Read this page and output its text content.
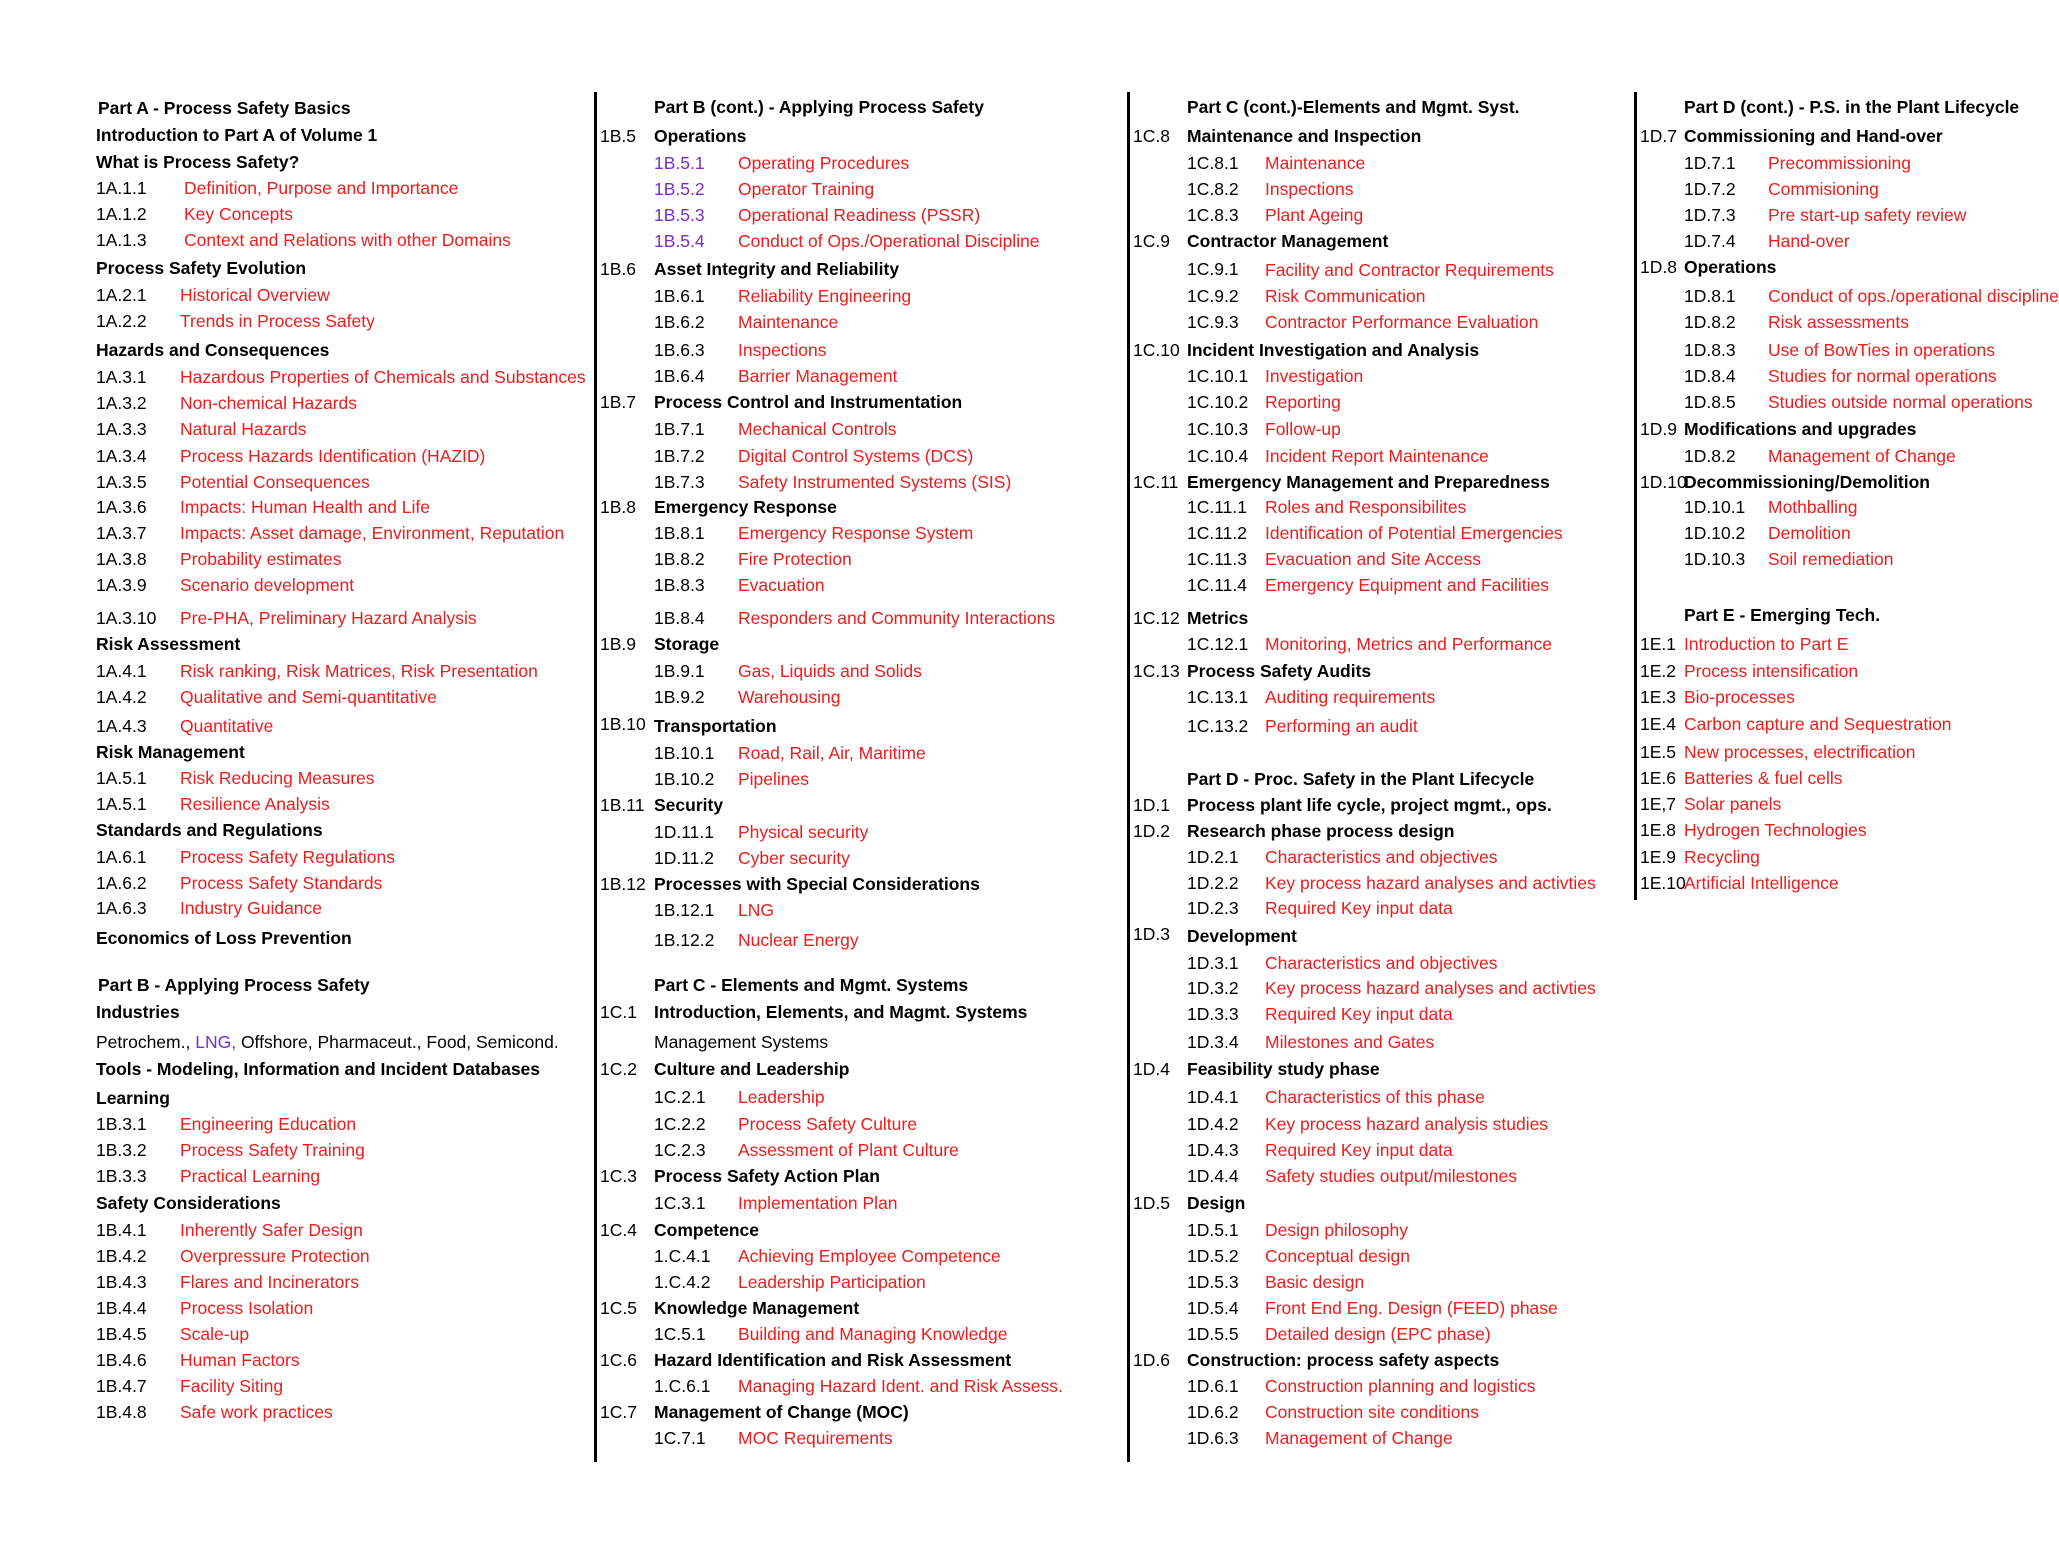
Part A - Process Safety Basics
Introduction to Part A of Volume 1
What is Process Safety?
1A.1.1 Definition, Purpose and Importance
1A.1.2 Key Concepts
1A.1.3 Context and Relations with other Domains
Process Safety Evolution
1A.2.1 Historical Overview
1A.2.2 Trends in Process Safety
Hazards and Consequences
1A.3.1 Hazardous Properties of Chemicals and Substances
1A.3.2 Non-chemical Hazards
1A.3.3 Natural Hazards
1A.3.4 Process Hazards Identification (HAZID)
1A.3.5 Potential Consequences
1A.3.6 Impacts: Human Health and Life
1A.3.7 Impacts: Asset damage, Environment, Reputation
1A.3.8 Probability estimates
1A.3.9 Scenario development
1A.3.10 Pre-PHA, Preliminary Hazard Analysis
Risk Assessment
1A.4.1 Risk ranking, Risk Matrices, Risk Presentation
1A.4.2 Qualitative and Semi-quantitative
1A.4.3 Quantitative
Risk Management
1A.5.1 Risk Reducing Measures
1A.5.1 Resilience Analysis
Standards and Regulations
1A.6.1 Process Safety Regulations
1A.6.2 Process Safety Standards
1A.6.3 Industry Guidance
Economics of Loss Prevention
Part B - Applying Process Safety
Industries
Petrochem., LNG, Offshore, Pharmaceut., Food, Semicond.
Tools - Modeling, Information and Incident Databases
Learning
1B.3.1 Engineering Education
1B.3.2 Process Safety Training
1B.3.3 Practical Learning
Safety Considerations
1B.4.1 Inherently Safer Design
1B.4.2 Overpressure Protection
1B.4.3 Flares and Incinerators
1B.4.4 Process Isolation
1B.4.5 Scale-up
1B.4.6 Human Factors
1B.4.7 Facility Siting
1B.4.8 Safe work practices
Part B (cont.) - Applying Process Safety
1B.5 Operations
1B.5.1 Operating Procedures
1B.5.2 Operator Training
1B.5.3 Operational Readiness (PSSR)
1B.5.4 Conduct of Ops./Operational Discipline
1B.6 Asset Integrity and Reliability
1B.6.1 Reliability Engineering
1B.6.2 Maintenance
1B.6.3 Inspections
1B.6.4 Barrier Management
1B.7 Process Control and Instrumentation
1B.7.1 Mechanical Controls
1B.7.2 Digital Control Systems (DCS)
1B.7.3 Safety Instrumented Systems (SIS)
1B.8 Emergency Response
1B.8.1 Emergency Response System
1B.8.2 Fire Protection
1B.8.3 Evacuation
1B.8.4 Responders and Community Interactions
1B.9 Storage
1B.9.1 Gas, Liquids and Solids
1B.9.2 Warehousing
1B.10 Transportation
1B.10.1 Road, Rail, Air, Maritime
1B.10.2 Pipelines
1B.11 Security
1D.11.1 Physical security
1D.11.2 Cyber security
1B.12 Processes with Special Considerations
1B.12.1 LNG
1B.12.2 Nuclear Energy
Part C - Elements and Mgmt. Systems
1C.1 Introduction, Elements, and Magmt. Systems
Management Systems
1C.2 Culture and Leadership
1C.2.1 Leadership
1C.2.2 Process Safety Culture
1C.2.3 Assessment of Plant Culture
1C.3 Process Safety Action Plan
1C.3.1 Implementation Plan
1C.4 Competence
1.C.4.1 Achieving Employee Competence
1.C.4.2 Leadership Participation
1C.5 Knowledge Management
1C.5.1 Building and Managing Knowledge
1C.6 Hazard Identification and Risk Assessment
1.C.6.1 Managing Hazard Ident. and Risk Assess.
1C.7 Management of Change (MOC)
1C.7.1 MOC Requirements
Part C (cont.)-Elements and Mgmt. Syst.
1C.8 Maintenance and Inspection
1C.8.1 Maintenance
1C.8.2 Inspections
1C.8.3 Plant Ageing
1C.9 Contractor Management
1C.9.1 Facility and Contractor Requirements
1C.9.2 Risk Communication
1C.9.3 Contractor Performance Evaluation
1C.10 Incident Investigation and Analysis
1C.10.1 Investigation
1C.10.2 Reporting
1C.10.3 Follow-up
1C.10.4 Incident Report Maintenance
1C.11 Emergency Management and Preparedness
1C.11.1 Roles and Responsibilites
1C.11.2 Identification of Potential Emergencies
1C.11.3 Evacuation and Site Access
1C.11.4 Emergency Equipment and Facilities
1C.12 Metrics
1C.12.1 Monitoring, Metrics and Performance
1C.13 Process Safety Audits
1C.13.1 Auditing requirements
1C.13.2 Performing an audit
Part D - Proc. Safety in the Plant Lifecycle
1D.1 Process plant life cycle, project mgmt., ops.
1D.2 Research phase process design
1D.2.1 Characteristics and objectives
1D.2.2 Key process hazard analyses and activties
1D.2.3 Required Key input data
1D.3 Development
1D.3.1 Characteristics and objectives
1D.3.2 Key process hazard analyses and activties
1D.3.3 Required Key input data
1D.3.4 Milestones and Gates
1D.4 Feasibility study phase
1D.4.1 Characteristics of this phase
1D.4.2 Key process hazard analysis studies
1D.4.3 Required Key input data
1D.4.4 Safety studies output/milestones
1D.5 Design
1D.5.1 Design philosophy
1D.5.2 Conceptual design
1D.5.3 Basic design
1D.5.4 Front End Eng. Design (FEED) phase
1D.5.5 Detailed design (EPC phase)
1D.6 Construction: process safety aspects
1D.6.1 Construction planning and logistics
1D.6.2 Construction site conditions
1D.6.3 Management of Change
Part D (cont.) - P.S. in the Plant Lifecycle
1D.7 Commissioning and Hand-over
1D.7.1 Precommissioning
1D.7.2 Commisioning
1D.7.3 Pre start-up safety review
1D.7.4 Hand-over
1D.8 Operations
1D.8.1 Conduct of ops./operational discipline
1D.8.2 Risk assessments
1D.8.3 Use of BowTies in operations
1D.8.4 Studies for normal operations
1D.8.5 Studies outside normal operations
1D.9 Modifications and upgrades
1D.8.2 Management of Change
1D.10
Decommissioning/Demolition
1D.10.1 Mothballing
1D.10.2 Demolition
1D.10.3 Soil remediation
Part E - Emerging Tech.
1E.1 Introduction to Part E
1E.2 Process intensification
1E.3 Bio-processes
1E.4 Carbon capture and Sequestration
1E.5 New processes, electrification
1E.6 Batteries & fuel cells
1E,7 Solar panels
1E.8 Hydrogen Technologies
1E.9 Recycling
1E.10
Artificial Intelligence
